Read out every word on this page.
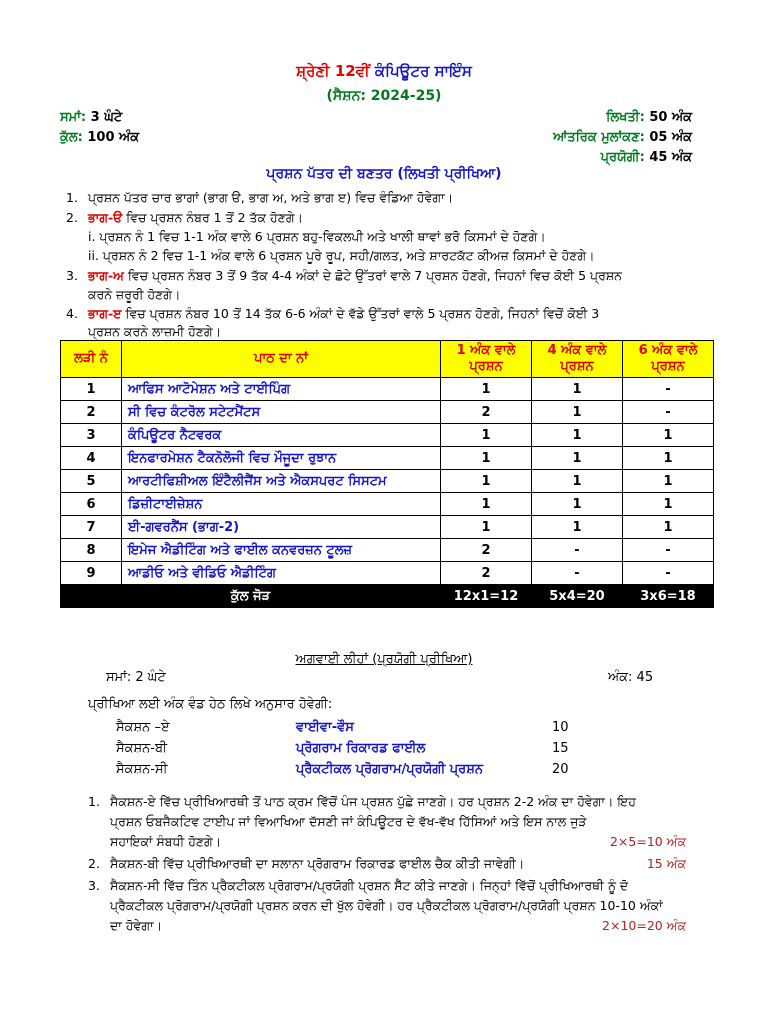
ਸ਼੍ਰੇਣੀ 12ਵੀਂ ਕੰਪਿਊਟਰ ਸਾਇੰਸ
(ਸੈਸ਼ਨ: 2024-25)
ਸਮਾਂ: 3 ਘੰਟੇ
ਕੁੱਲ: 100 ਅੰਕ
ਲਿਖਤੀ: 50 ਅੰਕ
ਆਂਤਰਿਕ ਮੁਲਾਂਕਣ: 05 ਅੰਕ
ਪ੍ਰਯੋਗੀ: 45 ਅੰਕ
ਪ੍ਰਸ਼ਨ ਪੱਤਰ ਦੀ ਬਣਤਰ (ਲਿਖਤੀ ਪ੍ਰੀਖਿਆ)
1. ਪ੍ਰਸ਼ਨ ਪੱਤਰ ਚਾਰ ਭਾਗਾਂ (ਭਾਗ ੳ, ਭਾਗ ਅ, ਅਤੇ ਭਾਗ ੲ) ਵਿਚ ਵੰਡਿਆ ਹੋਵੇਗਾ।
2. ਭਾਗ-ੳ ਵਿਚ ਪ੍ਰਸ਼ਨ ਨੰਬਰ 1 ਤੋਂ 2 ਤੱਕ ਹੋਣਗੇ।
i. ਪ੍ਰਸ਼ਨ ਨੰ 1 ਵਿਚ 1-1 ਅੰਕ ਵਾਲੇ 6 ਪ੍ਰਸ਼ਨ ਬਹੁ-ਵਿਕਲਪੀ ਅਤੇ ਖਾਲੀ ਥਾਵਾਂ ਭਰੋ ਕਿਸਮਾਂ ਦੇ ਹੋਣਗੇ।
ii. ਪ੍ਰਸ਼ਨ ਨੰ 2 ਵਿਚ 1-1 ਅੰਕ ਵਾਲੇ 6 ਪ੍ਰਸ਼ਨ ਪੂਰੇ ਰੂਪ, ਸਹੀ/ਗਲਤ, ਅਤੇ ਸ਼ਾਰਟਕੱਟ ਕੀਅਜ਼ ਕਿਸਮਾਂ ਦੇ ਹੋਣਗੇ।
3. ਭਾਗ-ਅ ਵਿਚ ਪ੍ਰਸ਼ਨ ਨੰਬਰ 3 ਤੋਂ 9 ਤੱਕ 4-4 ਅੰਕਾਂ ਦੇ ਛੋਟੇ ਉੱਤਰਾਂ ਵਾਲੇ 7 ਪ੍ਰਸ਼ਨ ਹੋਣਗੇ, ਜਿਹਨਾਂ ਵਿਚ ਕੋਈ 5 ਪ੍ਰਸ਼ਨ
ਕਰਨੇ ਜ਼ਰੂਰੀ ਹੋਣਗੇ।
4. ਭਾਗ-ੲ ਵਿਚ ਪ੍ਰਸ਼ਨ ਨੰਬਰ 10 ਤੋਂ 14 ਤੱਕ 6-6 ਅੰਕਾਂ ਦੇ ਵੱਡੇ ਉੱਤਰਾਂ ਵਾਲੇ 5 ਪ੍ਰਸ਼ਨ ਹੋਣਗੇ, ਜਿਹਨਾਂ ਵਿਚੋਂ ਕੋਈ 3
ਪ੍ਰਸ਼ਨ ਕਰਨੇ ਲਾਜ਼ਮੀ ਹੋਣਗੇ।
ਲੜੀ ਨੰ	ਪਾਠ ਦਾ ਨਾਂ	1 ਅੰਕ ਵਾਲੇ ਪ੍ਰਸ਼ਨ	4 ਅੰਕ ਵਾਲੇ ਪ੍ਰਸ਼ਨ	6 ਅੰਕ ਵਾਲੇ ਪ੍ਰਸ਼ਨ
1	ਆਫਿਸ ਆਟੋਮੇਸ਼ਨ ਅਤੇ ਟਾਈਪਿੰਗ	1	1	-
2	ਸੀ ਵਿਚ ਕੰਟਰੋਲ ਸਟੇਟਮੈਂਟਸ	2	1	-
3	ਕੰਪਿਊਟਰ ਨੈਟਵਰਕ	1	1	1
4	ਇਨਫਾਰਮੇਸ਼ਨ ਟੈਕਨੋਲੋਜੀ ਵਿਚ ਮੌਜੂਦਾ ਰੁਝਾਨ	1	1	1
5	ਆਰਟੀਫਿਸ਼ੀਅਲ ਇੰਟੈਲੀਜੈਂਸ ਅਤੇ ਐਕਸਪਰਟ ਸਿਸਟਮ	1	1	1
6	ਡਿਜ਼ੀਟਾਈਜ਼ੇਸ਼ਨ	1	1	1
7	ਈ-ਗਵਰਨੈਂਸ (ਭਾਗ-2)	1	1	1
8	ਇਮੇਜ ਐਡੀਟਿੰਗ ਅਤੇ ਫਾਈਲ ਕਨਵਰਜ਼ਨ ਟੂਲਜ਼	2	-	-
9	ਆਡੀਓ ਅਤੇ ਵੀਡਿਓ ਐਡੀਟਿੰਗ	2	-	-
ਕੁੱਲ ਜੋੜ		12x1=12	5x4=20	3x6=18
ਅਗਵਾਈ ਲੀਹਾਂ (ਪ੍ਰਯੋਗੀ ਪ੍ਰੀਖਿਆ)
ਸਮਾਂ: 2 ਘੰਟੇ	ਅੰਕ: 45
ਪ੍ਰੀਖਿਆ ਲਈ ਅੰਕ ਵੰਡ ਹੇਠ ਲਿਖੇ ਅਨੁਸਾਰ ਹੋਵੇਗੀ:
ਸੈਕਸ਼ਨ –ਏ	ਵਾਈਵਾ-ਵੌਸ	10
ਸੈਕਸ਼ਨ-ਬੀ	ਪ੍ਰੋਗਰਾਮ ਰਿਕਾਰਡ ਫਾਈਲ	15
ਸੈਕਸ਼ਨ-ਸੀ	ਪ੍ਰੈਕਟੀਕਲ ਪ੍ਰੋਗਰਾਮ/ਪ੍ਰਯੋਗੀ ਪ੍ਰਸ਼ਨ	20
1. ਸੈਕਸ਼ਨ-ਏ ਵਿੱਚ ਪ੍ਰੀਖਿਆਰਥੀ ਤੋਂ ਪਾਠ ਕ੍ਰਮ ਵਿੱਚੋਂ ਪੰਜ ਪ੍ਰਸ਼ਨ ਪੁੱਛੇ ਜਾਣਗੇ। ਹਰ ਪ੍ਰਸ਼ਨ 2-2 ਅੰਕ ਦਾ ਹੋਵੇਗਾ। ਇਹ
ਪ੍ਰਸ਼ਨ ਓਬਜੈਕਟਿਵ ਟਾਈਪ ਜਾਂ ਵਿਆਖਿਆ ਦੱਸਣੀ ਜਾਂ ਕੰਪਿਊਟਰ ਦੇ ਵੱਖ-ਵੱਖ ਹਿੱਸਿਆਂ ਅਤੇ ਇਸ ਨਾਲ ਜੁੜੇ
ਸਹਾਇਕਾਂ ਸੰਬਧੀ ਹੋਣਗੇ।	2×5=10 ਅੰਕ
2. ਸੈਕਸ਼ਨ-ਬੀ ਵਿੱਚ ਪ੍ਰੀਖਿਆਰਥੀ ਦਾ ਸਲਾਨਾ ਪ੍ਰੋਗਰਾਮ ਰਿਕਾਰਡ ਫਾਈਲ ਚੈਕ ਕੀਤੀ ਜਾਵੇਗੀ।	15 ਅੰਕ
3. ਸੈਕਸ਼ਨ-ਸੀ ਵਿੱਚ ਤਿੰਨ ਪ੍ਰੈਕਟੀਕਲ ਪ੍ਰੋਗਰਾਮ/ਪ੍ਰਯੋਗੀ ਪ੍ਰਸ਼ਨ ਸੈੱਟ ਕੀਤੇ ਜਾਣਗੇ। ਜਿਨ੍ਹਾਂ ਵਿੱਚੋਂ ਪ੍ਰੀਖਿਆਰਥੀ ਨੂੰ ਦੋ
ਪ੍ਰੈਕਟੀਕਲ ਪ੍ਰੋਗਰਾਮ/ਪ੍ਰਯੋਗੀ ਪ੍ਰਸ਼ਨ ਕਰਨ ਦੀ ਖੁੱਲ ਹੋਵੇਗੀ। ਹਰ ਪ੍ਰੈਕਟੀਕਲ ਪ੍ਰੋਗਰਾਮ/ਪ੍ਰਯੋਗੀ ਪ੍ਰਸ਼ਨ 10-10 ਅੰਕਾਂ
ਦਾ ਹੋਵੇਗਾ।	2×10=20 ਅੰਕ
